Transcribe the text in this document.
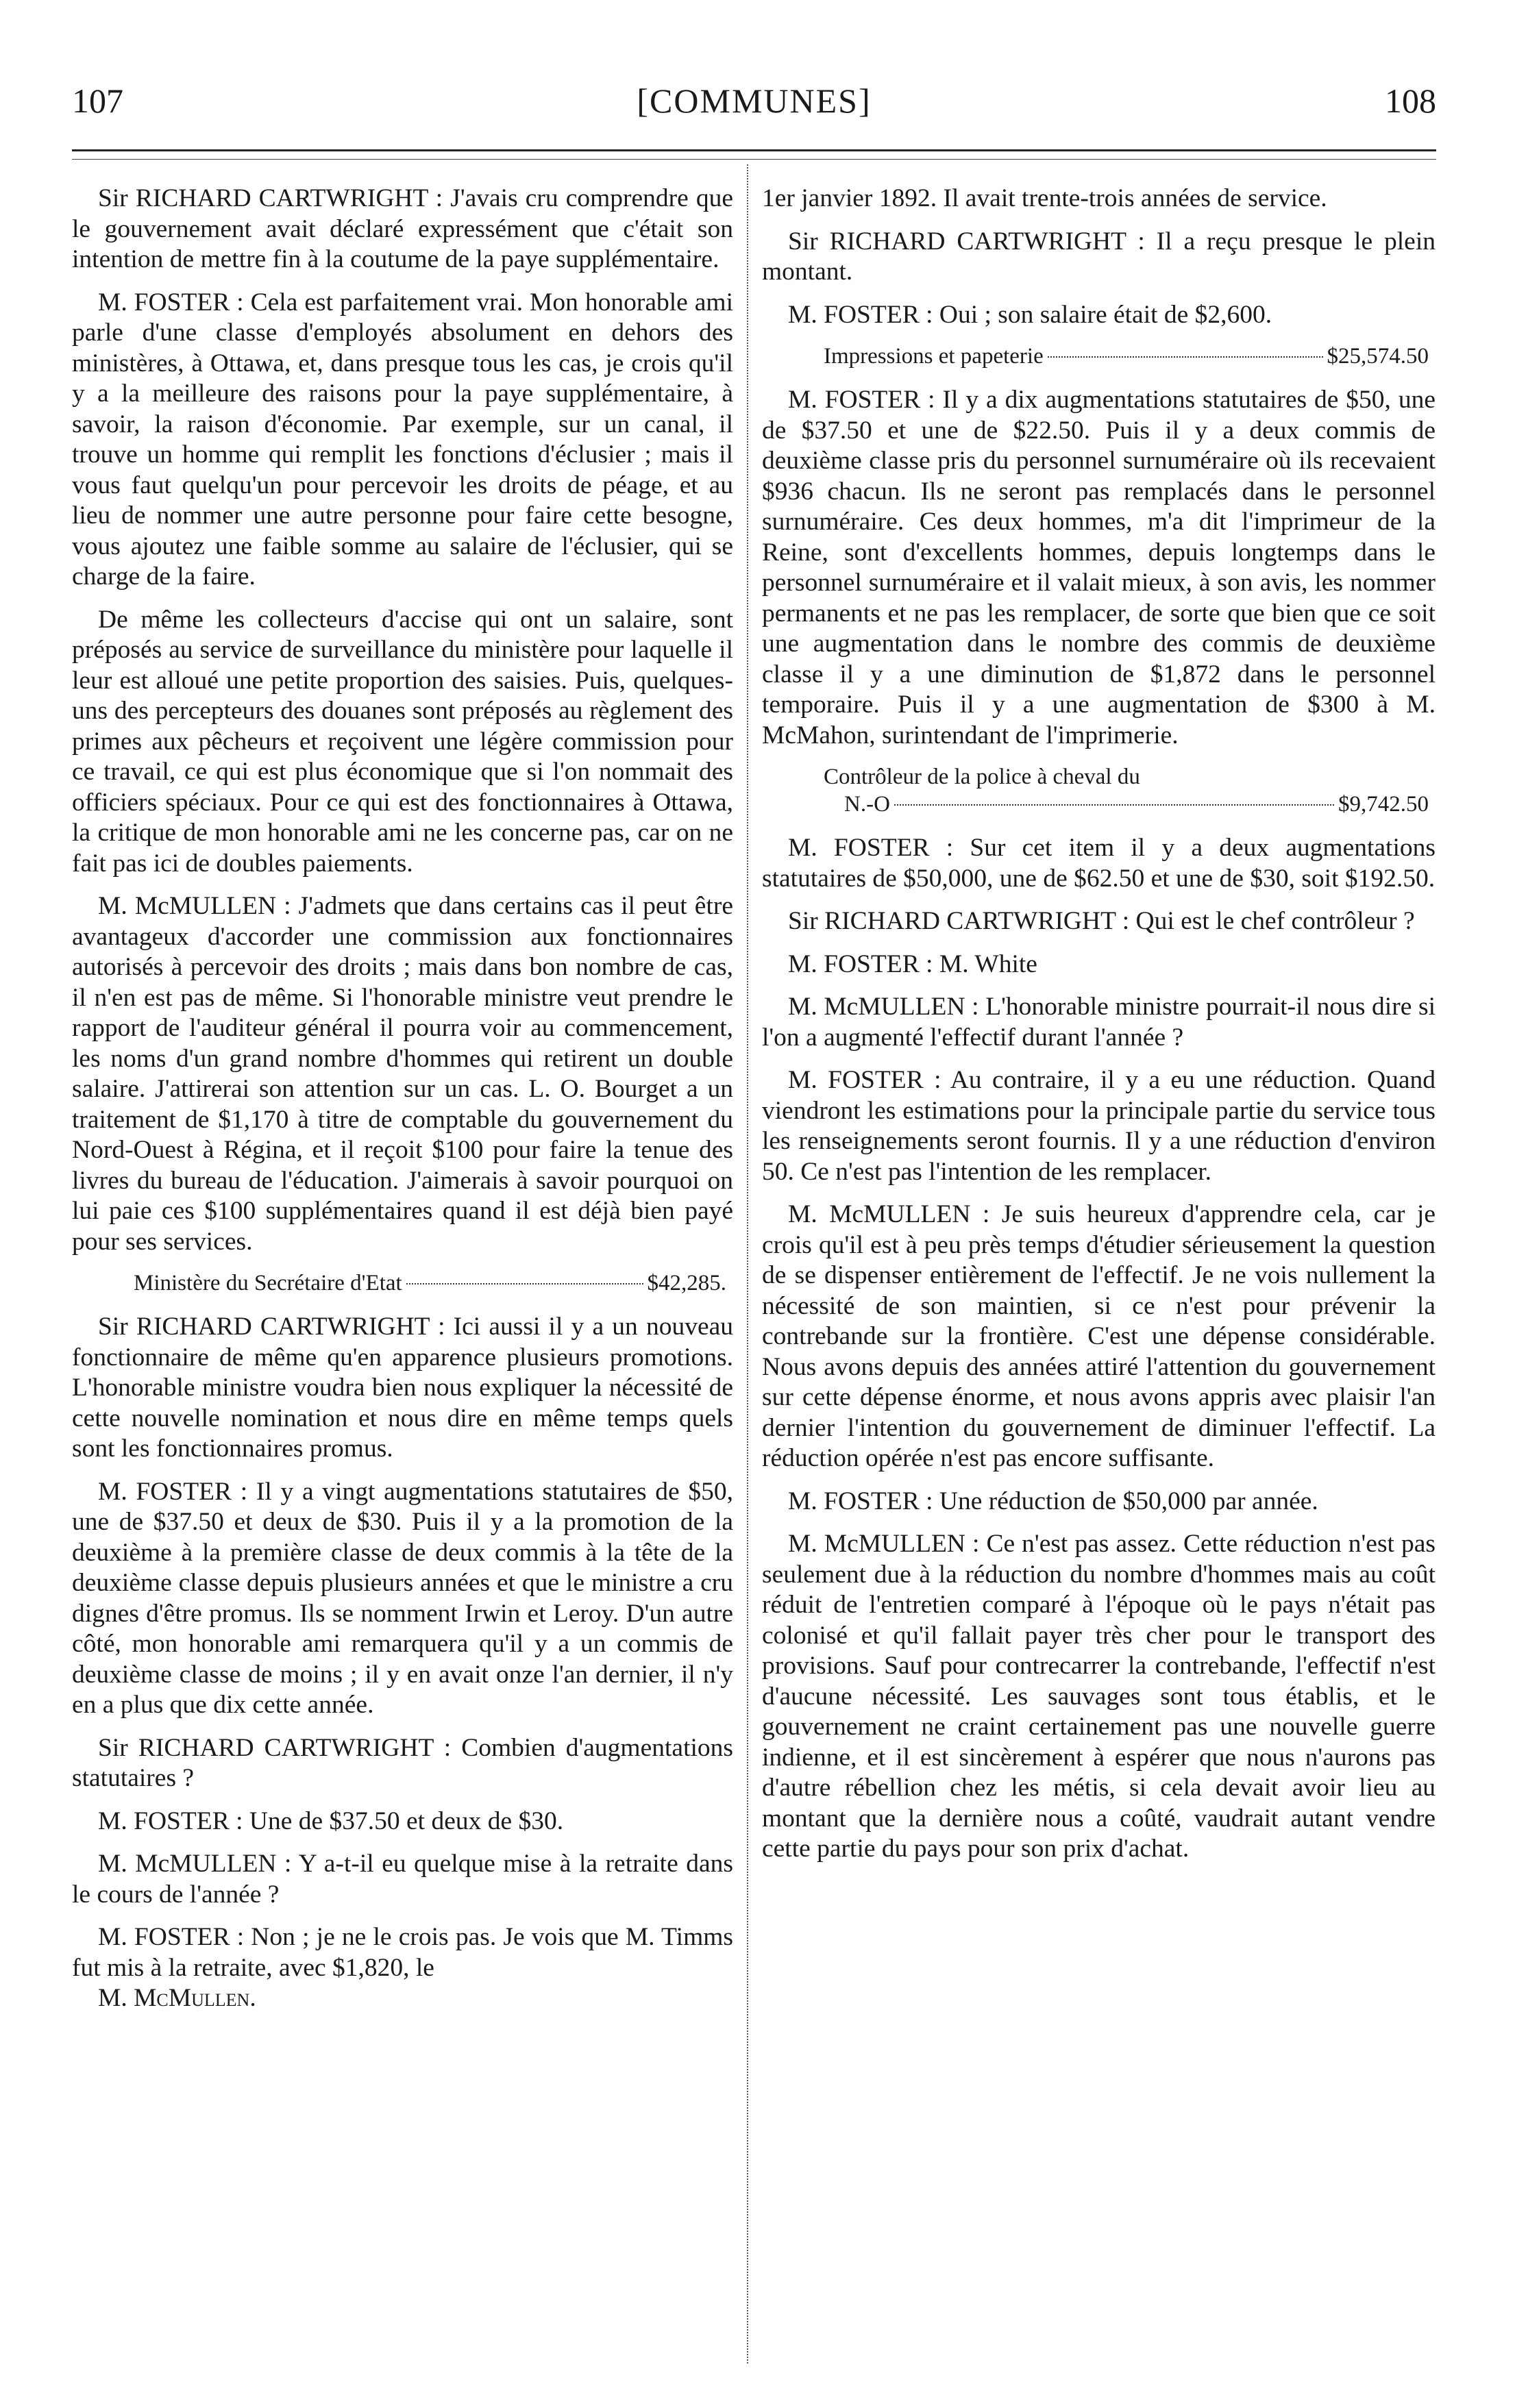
107	[COMMUNES]	108

Sir RICHARD CARTWRIGHT : J'avais cru comprendre que le gouvernement avait déclaré expressément que c'était son intention de mettre fin à la coutume de la paye supplémentaire.

M. FOSTER : Cela est parfaitement vrai. Mon honorable ami parle d'une classe d'employés absolument en dehors des ministères, à Ottawa, et, dans presque tous les cas, je crois qu'il y a la meilleure des raisons pour la paye supplémentaire, à savoir, la raison d'économie. Par exemple, sur un canal, il trouve un homme qui remplit les fonctions d'éclusier ; mais il vous faut quelqu'un pour percevoir les droits de péage, et au lieu de nommer une autre personne pour faire cette besogne, vous ajoutez une faible somme au salaire de l'éclusier, qui se charge de la faire.

De même les collecteurs d'accise qui ont un salaire, sont préposés au service de surveillance du ministère pour laquelle il leur est alloué une petite proportion des saisies. Puis, quelques-uns des percepteurs des douanes sont préposés au règlement des primes aux pêcheurs et reçoivent une légère commission pour ce travail, ce qui est plus économique que si l'on nommait des officiers spéciaux. Pour ce qui est des fonctionnaires à Ottawa, la critique de mon honorable ami ne les concerne pas, car on ne fait pas ici de doubles paiements.

M. McMULLEN : J'admets que dans certains cas il peut être avantageux d'accorder une commission aux fonctionnaires autorisés à percevoir des droits ; mais dans bon nombre de cas, il n'en est pas de même. Si l'honorable ministre veut prendre le rapport de l'auditeur général il pourra voir au commencement, les noms d'un grand nombre d'hommes qui retirent un double salaire. J'attirerai son attention sur un cas. L. O. Bourget a un traitement de $1,170 à titre de comptable du gouvernement du Nord-Ouest à Régina, et il reçoit $100 pour faire la tenue des livres du bureau de l'éducation. J'aimerais à savoir pourquoi on lui paie ces $100 supplémentaires quand il est déjà bien payé pour ses services.

Ministère du Secrétaire d'Etat	$42,285.

Sir RICHARD CARTWRIGHT : Ici aussi il y a un nouveau fonctionnaire de même qu'en apparence plusieurs promotions. L'honorable ministre voudra bien nous expliquer la nécessité de cette nouvelle nomination et nous dire en même temps quels sont les fonctionnaires promus.

M. FOSTER : Il y a vingt augmentations statutaires de $50, une de $37.50 et deux de $30. Puis il y a la promotion de la deuxième à la première classe de deux commis à la tête de la deuxième classe depuis plusieurs années et que le ministre a cru dignes d'être promus. Ils se nomment Irwin et Leroy. D'un autre côté, mon honorable ami remarquera qu'il y a un commis de deuxième classe de moins ; il y en avait onze l'an dernier, il n'y en a plus que dix cette année.

Sir RICHARD CARTWRIGHT : Combien d'augmentations statutaires ?

M. FOSTER : Une de $37.50 et deux de $30.

M. McMULLEN : Y a-t-il eu quelque mise à la retraite dans le cours de l'année ?

M. FOSTER : Non ; je ne le crois pas. Je vois que M. Timms fut mis à la retraite, avec $1,820, le

M. McMullen.

1er janvier 1892. Il avait trente-trois années de service.

Sir RICHARD CARTWRIGHT : Il a reçu presque le plein montant.

M. FOSTER : Oui ; son salaire était de $2,600.

Impressions et papeterie	$25,574.50

M. FOSTER : Il y a dix augmentations statutaires de $50, une de $37.50 et une de $22.50. Puis il y a deux commis de deuxième classe pris du personnel surnuméraire où ils recevaient $936 chacun. Ils ne seront pas remplacés dans le personnel surnuméraire. Ces deux hommes, m'a dit l'imprimeur de la Reine, sont d'excellents hommes, depuis longtemps dans le personnel surnuméraire et il valait mieux, à son avis, les nommer permanents et ne pas les remplacer, de sorte que bien que ce soit une augmentation dans le nombre des commis de deuxième classe il y a une diminution de $1,872 dans le personnel temporaire. Puis il y a une augmentation de $300 à M. McMahon, surintendant de l'imprimerie.

Contrôleur de la police à cheval du
N.-O	$9,742.50

M. FOSTER : Sur cet item il y a deux augmentations statutaires de $50,000, une de $62.50 et une de $30, soit $192.50.

Sir RICHARD CARTWRIGHT : Qui est le chef contrôleur ?

M. FOSTER : M. White

M. McMULLEN : L'honorable ministre pourrait-il nous dire si l'on a augmenté l'effectif durant l'année ?

M. FOSTER : Au contraire, il y a eu une réduction. Quand viendront les estimations pour la principale partie du service tous les renseignements seront fournis. Il y a une réduction d'environ 50. Ce n'est pas l'intention de les remplacer.

M. McMULLEN : Je suis heureux d'apprendre cela, car je crois qu'il est à peu près temps d'étudier sérieusement la question de se dispenser entièrement de l'effectif. Je ne vois nullement la nécessité de son maintien, si ce n'est pour prévenir la contrebande sur la frontière. C'est une dépense considérable. Nous avons depuis des années attiré l'attention du gouvernement sur cette dépense énorme, et nous avons appris avec plaisir l'an dernier l'intention du gouvernement de diminuer l'effectif. La réduction opérée n'est pas encore suffisante.

M. FOSTER : Une réduction de $50,000 par année.

M. McMULLEN : Ce n'est pas assez. Cette réduction n'est pas seulement due à la réduction du nombre d'hommes mais au coût réduit de l'entretien comparé à l'époque où le pays n'était pas colonisé et qu'il fallait payer très cher pour le transport des provisions. Sauf pour contrecarrer la contrebande, l'effectif n'est d'aucune nécessité. Les sauvages sont tous établis, et le gouvernement ne craint certainement pas une nouvelle guerre indienne, et il est sincèrement à espérer que nous n'aurons pas d'autre rébellion chez les métis, si cela devait avoir lieu au montant que la dernière nous a coûté, vaudrait autant vendre cette partie du pays pour son prix d'achat.
